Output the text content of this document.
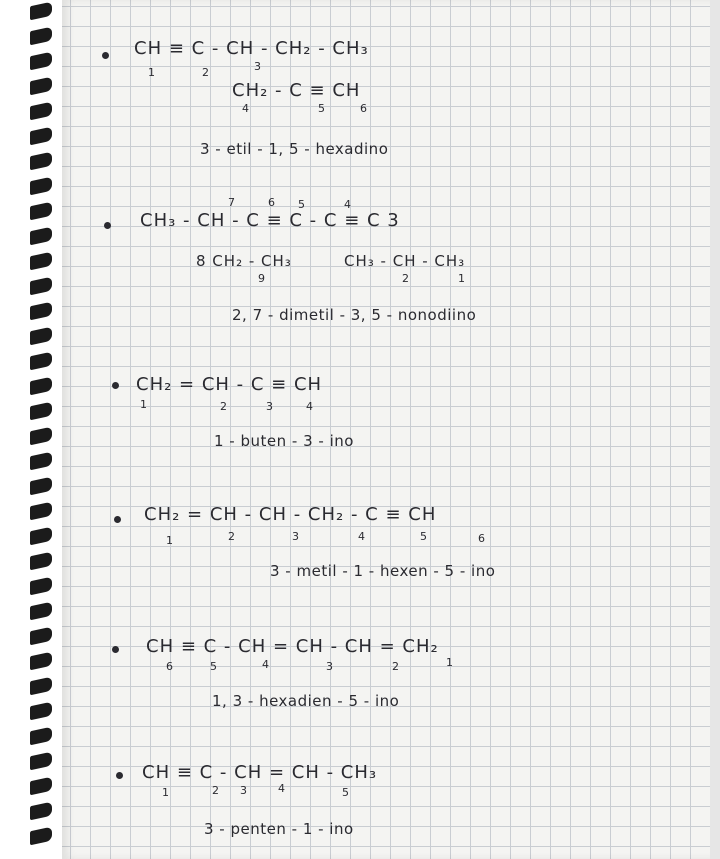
CH ≡ C - CH - CH₂ - CH₃
1	2	3
CH₂ - C ≡ CH
4	5	6
3 - etil - 1, 5 - hexadino
7	6 5	4
CH₃ - CH - C ≡ C - C ≡ C 3
8 CH₂ - CH₃
9
CH₃ - CH - CH₃
2	1
2, 7 - dimetil - 3, 5 - nonodiino
CH₂ = CH - C ≡ CH
1	2	3	4
1 - buten - 3 - ino
CH₂ = CH - CH - CH₂ - C ≡ CH
1	2	3	4	5	6
3 - metil - 1 - hexen - 5 - ino
CH ≡ C - CH = CH - CH = CH₂
6	5	4	3	2	1
1, 3 - hexadien - 5 - ino
CH ≡ C - CH = CH - CH₃
1	2 3	4	5
3 - penten - 1 - ino
